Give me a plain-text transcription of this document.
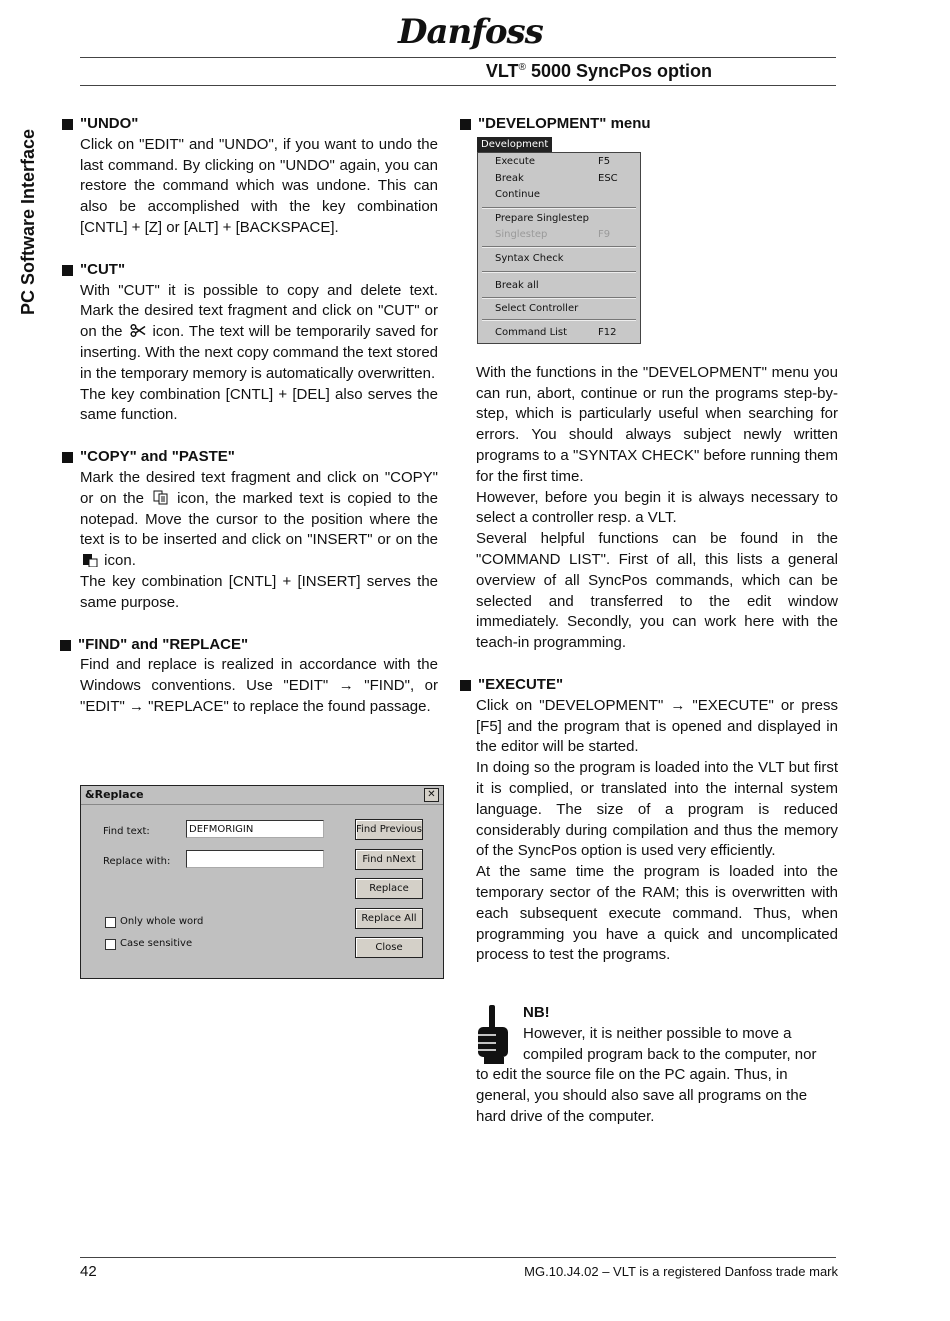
Danfoss
VLT® 5000 SyncPos option
PC Software Interface
"UNDO"

Click on "EDIT" and "UNDO", if you want to undo the last command. By clicking on "UNDO" again, you can restore the command which was undone. This can also be accomplished with the key combination [CNTL] + [Z] or [ALT] + [BACKSPACE].

"CUT"

With "CUT" it is possible to copy and delete text. Mark the desired text fragment and click on "CUT" or on the icon. The text will be temporarily saved for inserting. With the next copy command the text stored in the temporary memory is automatically overwritten.

The key combination [CNTL] + [DEL] also serves the same function.

"COPY" and "PASTE"

Mark the desired text fragment and click on "COPY" or on the icon, the marked text is copied to the notepad. Move the cursor to the position where the text is to be inserted and click on "INSERT" or on the  icon.

The key combination [CNTL] + [INSERT] serves the same purpose.

"FIND" and "REPLACE"

Find and replace is realized in accordance with the Windows conventions. Use "EDIT" → "FIND", or "EDIT" → "REPLACE" to replace the found passage.

&Replace	✕
Find text:	DEFMORIGIN
Replace with:
Find Previous
Find nNext
Replace
Replace All
Close
Only whole word
Case sensitive
"DEVELOPMENT" menu

With the functions in the "DEVELOPMENT" menu you can run, abort, continue or run the programs step-by-step, which is particularly useful when searching for errors. You should always subject newly written programs to a "SYNTAX CHECK" before running them for the first time.

However, before you begin it is always necessary to select a controller resp. a VLT.

Several helpful functions can be found in the "COMMAND LIST". First of all, this lists a general overview of all SyncPos commands, which can be selected and transferred to the edit window immediately. Secondly, you can work here with the teach-in programming.

"EXECUTE"

Click on "DEVELOPMENT" → "EXECUTE" or press [F5] and the program that is opened and displayed in the editor will be started.

In doing so the program is loaded into the VLT but first it is complied, or translated into the internal system language. The size of a program is reduced considerably during compilation and thus the memory of the SyncPos option is used very efficiently.

At the same time the program is loaded into the temporary sector of the RAM; this is overwritten with each subsequent execute command. Thus, when programming you have a quick and uncomplicated process to test the programs.

Development
Execute	F5
Break	ESC
Continue
Prepare Singlestep
Singlestep	F9
Syntax Check
Break all
Select Controller
Command List	F12
NB!
However, it is neither possible to move a compiled program back to the computer, nor
to edit the source file on the PC again. Thus, in general, you should also save all programs on the hard drive of the computer.
42	MG.10.J4.02 – VLT is a registered Danfoss trade mark
